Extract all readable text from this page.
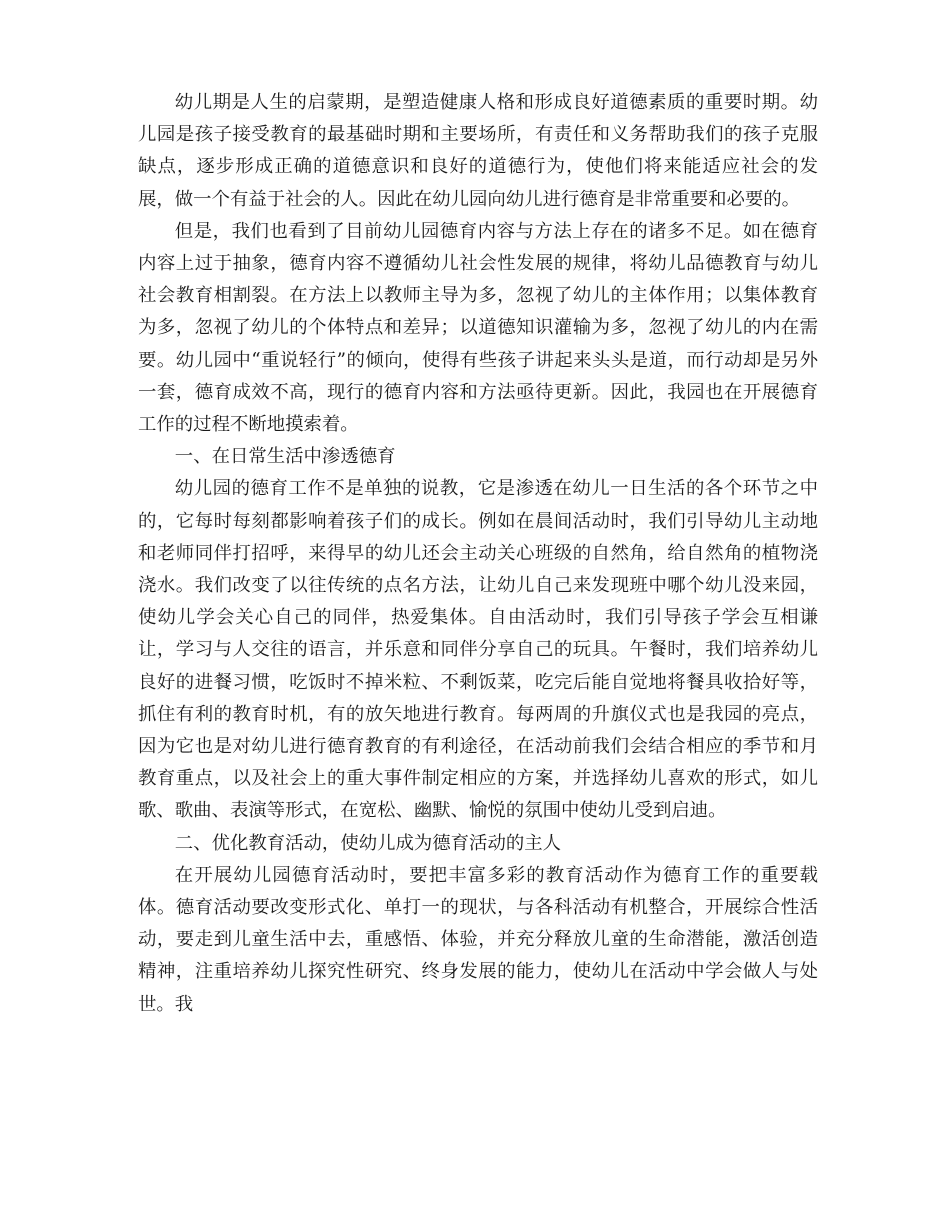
幼儿期是人生的启蒙期，是塑造健康人格和形成良好道德素质的重要时期。幼儿园是孩子接受教育的最基础时期和主要场所，有责任和义务帮助我们的孩子克服缺点，逐步形成正确的道德意识和良好的道德行为，使他们将来能适应社会的发展，做一个有益于社会的人。因此在幼儿园向幼儿进行德育是非常重要和必要的。

但是，我们也看到了目前幼儿园德育内容与方法上存在的诸多不足。如在德育内容上过于抽象，德育内容不遵循幼儿社会性发展的规律，将幼儿品德教育与幼儿社会教育相割裂。在方法上以教师主导为多，忽视了幼儿的主体作用；以集体教育为多，忽视了幼儿的个体特点和差异；以道德知识灌输为多，忽视了幼儿的内在需要。幼儿园中“重说轻行”的倾向，使得有些孩子讲起来头头是道，而行动却是另外一套，德育成效不高，现行的德育内容和方法亟待更新。因此，我园也在开展德育工作的过程不断地摸索着。

一、在日常生活中渗透德育

幼儿园的德育工作不是单独的说教，它是渗透在幼儿一日生活的各个环节之中的，它每时每刻都影响着孩子们的成长。例如在晨间活动时，我们引导幼儿主动地和老师同伴打招呼，来得早的幼儿还会主动关心班级的自然角，给自然角的植物浇浇水。我们改变了以往传统的点名方法，让幼儿自己来发现班中哪个幼儿没来园，使幼儿学会关心自己的同伴，热爱集体。自由活动时，我们引导孩子学会互相谦让，学习与人交往的语言，并乐意和同伴分享自己的玩具。午餐时，我们培养幼儿良好的进餐习惯，吃饭时不掉米粒、不剩饭菜，吃完后能自觉地将餐具收拾好等，抓住有利的教育时机，有的放矢地进行教育。每两周的升旗仪式也是我园的亮点，因为它也是对幼儿进行德育教育的有利途径，在活动前我们会结合相应的季节和月教育重点，以及社会上的重大事件制定相应的方案，并选择幼儿喜欢的形式，如儿歌、歌曲、表演等形式，在宽松、幽默、愉悦的氛围中使幼儿受到启迪。

二、优化教育活动，使幼儿成为德育活动的主人

在开展幼儿园德育活动时，要把丰富多彩的教育活动作为德育工作的重要载体。德育活动要改变形式化、单打一的现状，与各科活动有机整合，开展综合性活动，要走到儿童生活中去，重感悟、体验，并充分释放儿童的生命潜能，激活创造精神，注重培养幼儿探究性研究、终身发展的能力，使幼儿在活动中学会做人与处世。我
